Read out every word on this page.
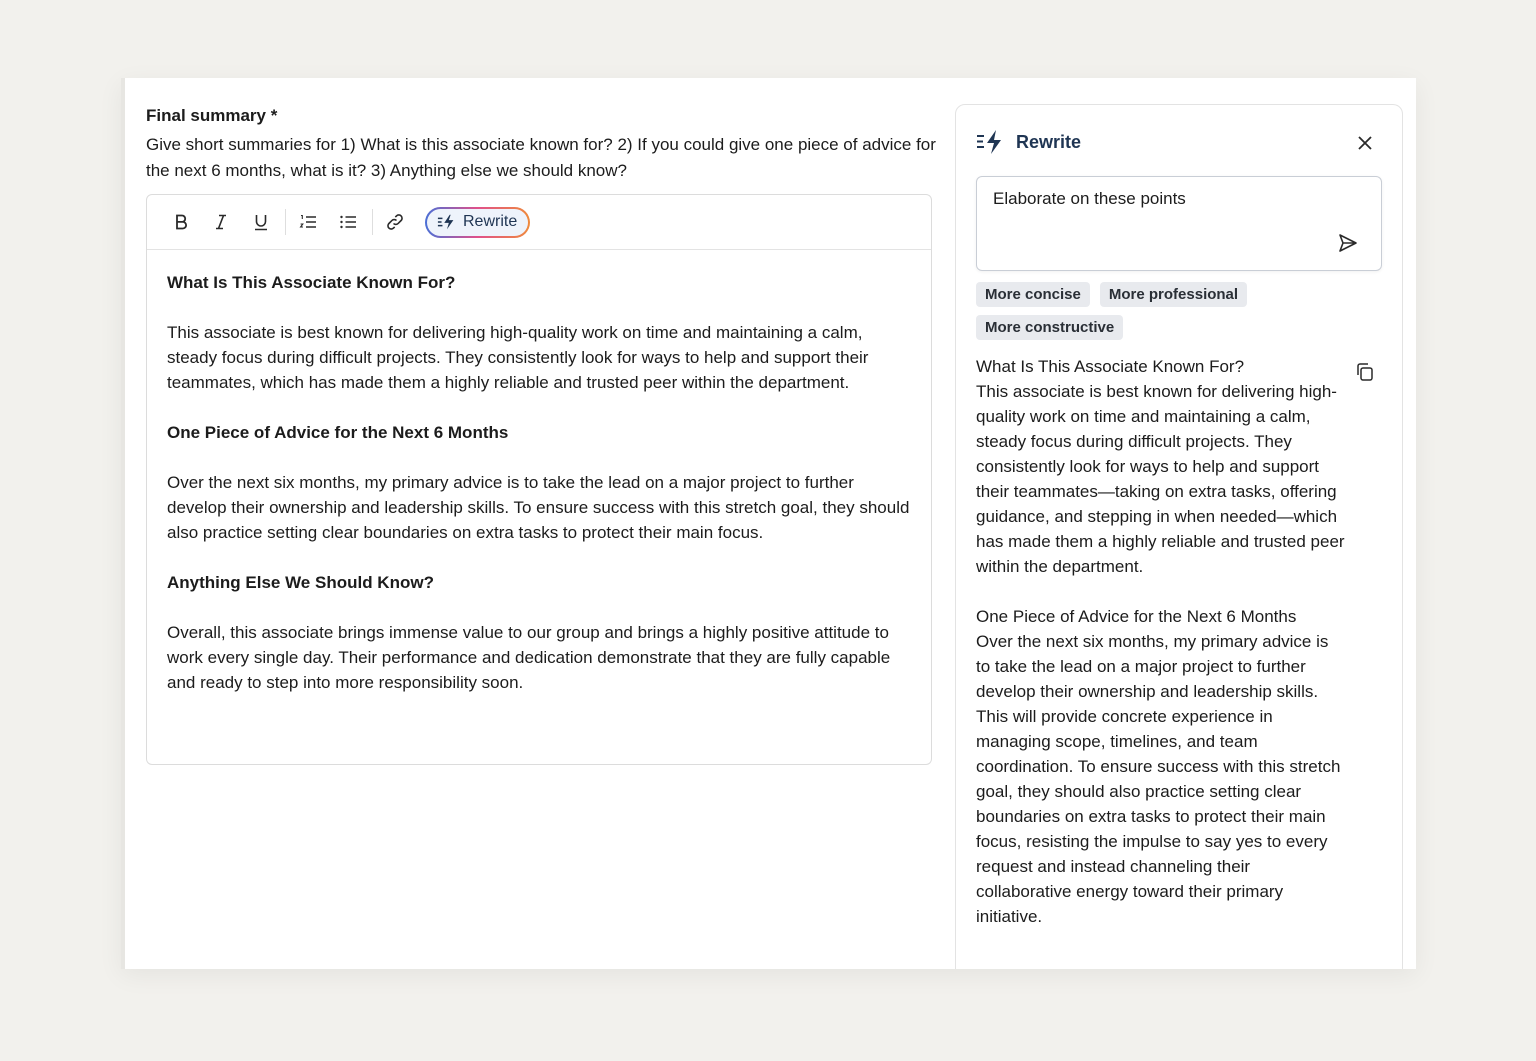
Final summary *
Give short summaries for 1) What is this associate known for? 2) If you could give one piece of advice for the next 6 months, what is it? 3) Anything else we should know?
Rewrite
What Is This Associate Known For?

This associate is best known for delivering high-quality work on time and maintaining a calm, steady focus during difficult projects. They consistently look for ways to help and support their teammates, which has made them a highly reliable and trusted peer within the department.

One Piece of Advice for the Next 6 Months

Over the next six months, my primary advice is to take the lead on a major project to further develop their ownership and leadership skills. To ensure success with this stretch goal, they should also practice setting clear boundaries on extra tasks to protect their main focus.

Anything Else We Should Know?

Overall, this associate brings immense value to our group and brings a highly positive attitude to work every single day. Their performance and dedication demonstrate that they are fully capable and ready to step into more responsibility soon.

Rewrite
Elaborate on these points
More concise	More professional
More constructive
What Is This Associate Known For?
This associate is best known for delivering high-quality work on time and maintaining a calm, steady focus during difficult projects. They consistently look for ways to help and support their teammates—taking on extra tasks, offering guidance, and stepping in when needed—which has made them a highly reliable and trusted peer within the department.
One Piece of Advice for the Next 6 Months
Over the next six months, my primary advice is to take the lead on a major project to further develop their ownership and leadership skills. This will provide concrete experience in managing scope, timelines, and team coordination. To ensure success with this stretch goal, they should also practice setting clear boundaries on extra tasks to protect their main focus, resisting the impulse to say yes to every request and instead channeling their collaborative energy toward their primary initiative.
